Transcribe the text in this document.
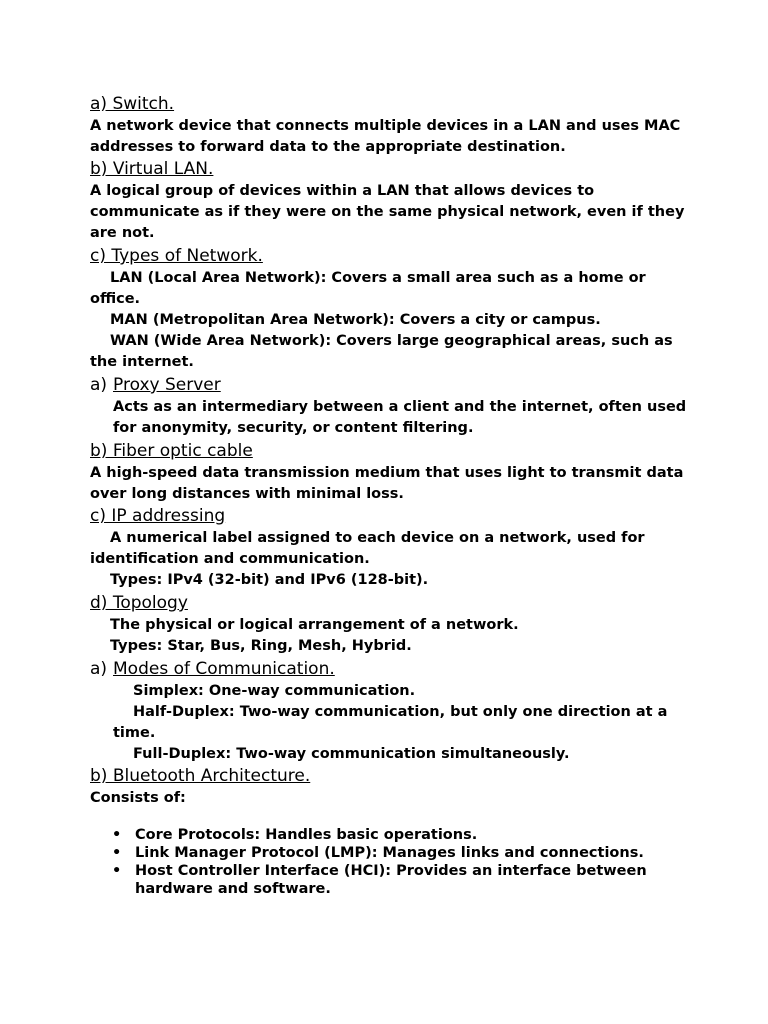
a) Switch.
A network device that connects multiple devices in a LAN and uses MAC addresses to forward data to the appropriate destination.
b) Virtual LAN.
A logical group of devices within a LAN that allows devices to communicate as if they were on the same physical network, even if they are not.
c) Types of Network.
LAN (Local Area Network): Covers a small area such as a home or office.
MAN (Metropolitan Area Network): Covers a city or campus.
WAN (Wide Area Network): Covers large geographical areas, such as the internet.
a) Proxy Server
Acts as an intermediary between a client and the internet, often used for anonymity, security, or content filtering.
b) Fiber optic cable
A high-speed data transmission medium that uses light to transmit data over long distances with minimal loss.
c) IP addressing
A numerical label assigned to each device on a network, used for identification and communication.
Types: IPv4 (32-bit) and IPv6 (128-bit).
d) Topology
The physical or logical arrangement of a network.
Types: Star, Bus, Ring, Mesh, Hybrid.
a) Modes of Communication.
Simplex: One-way communication.
Half-Duplex: Two-way communication, but only one direction at a time.
Full-Duplex: Two-way communication simultaneously.
b) Bluetooth Architecture.
Consists of:
• Core Protocols: Handles basic operations.
• Link Manager Protocol (LMP): Manages links and connections.
• Host Controller Interface (HCI): Provides an interface between hardware and software.
